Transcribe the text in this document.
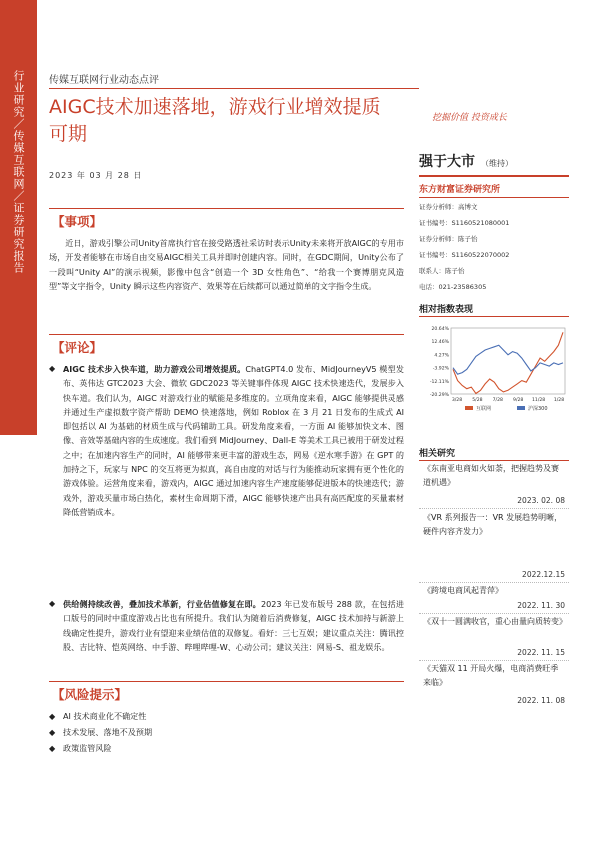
行业研究／传媒互联网／证券研究报告	传媒互联网行业动态点评
AIGC技术加速落地，游戏行业增效提质可期
挖掘价值 投资成长
2023 年 03 月 28 日
【事项】

近日，游戏引擎公司Unity首席执行官在接受路透社采访时表示Unity未来将开放AIGC的专用市场，开发者能够在市场自由交易AIGC相关工具并即时创建内容。同时，在GDC期间，Unity公布了一段叫“Unity AI”的演示视频，影像中包含“创造一个 3D 女性角色”、“给我一个赛博朋克风造型”等文字指令，Unity 瞬示这些内容资产、效果等在后续都可以通过简单的文字指令生成。

【评论】
◆ AIGC 技术步入快车道，助力游戏公司增效提质。ChatGPT4.0 发布、MidJourneyV5 模型发布、英伟达 GTC2023 大会、微软 GDC2023 等关键事件体现 AIGC 技术快速迭代，发展步入快车道。我们认为，AIGC 对游戏行业的赋能是多维度的。立项角度来看，AIGC 能够提供灵感并通过生产虚拟数字资产帮助 DEMO 快速落地，例如 Roblox 在 3 月 21 日发布的生成式 AI 即包括以 AI 为基础的材质生成与代码辅助工具。研发角度来看，一方面 AI 能够加快文本、图像、音效等基础内容的生成速度。我们看到 MidJourney、Dall-E 等美术工具已被用于研发过程之中；在加速内容生产的同时，AI 能够带来更丰富的游戏生态，网易《逆水寒手游》在 GPT 的加持之下，玩家与 NPC 的交互将更为拟真，高自由度的对话与行为能推动玩家拥有更个性化的游戏体验。运营角度来看，游戏内，AIGC 通过加速内容生产速度能够促进版本的快速迭代；游戏外，游戏买量市场白热化，素材生命周期下滑，AIGC 能够快速产出具有高匹配度的买量素材降低营销成本。
◆ 供给侧持续改善，叠加技术革新，行业估值修复在即。2023 年已发布版号 288 款，在包括进口版号的同时中重度游戏占比也有所提升。我们认为随着后消费修复，AIGC 技术加持与新游上线确定性提升，游戏行业有望迎来业绩估值的双修复。看好：三七互娱；建议重点关注：腾讯控股、吉比特、恺英网络、中手游、哔哩哔哩-W、心动公司；建议关注：网易-S、祖龙娱乐。
【风险提示】
◆ AI 技术商业化不确定性
◆ 技术发展、落地不及预期
◆ 政策监管风险
强于大市 （维持）
东方财富证券研究所
证券分析师：高博文
证书编号：S1160521080001
证券分析师：陈子怡
证书编号：S1160522070002
联系人：陈子怡
电话：021-23586305
相对指数表现
20.64%
12.46%
4.27%
-3.92%
-12.11%
-20.29%
3/28 5/28 7/28 9/28 11/28 1/28
互联网	沪深300
相关研究
《东南亚电商如火如荼，把握趋势及赛道机遇》
2023. 02. 08
《VR 系列报告一：VR 发展趋势明晰，硬件内容齐发力》
2022.12.15
《跨境电商风起青萍》
2022. 11. 30
《双十一圆满收官，重心由量向质转变》
2022. 11. 15
《天猫双 11 开局火爆，电商消费旺季来临》
2022. 11. 08
